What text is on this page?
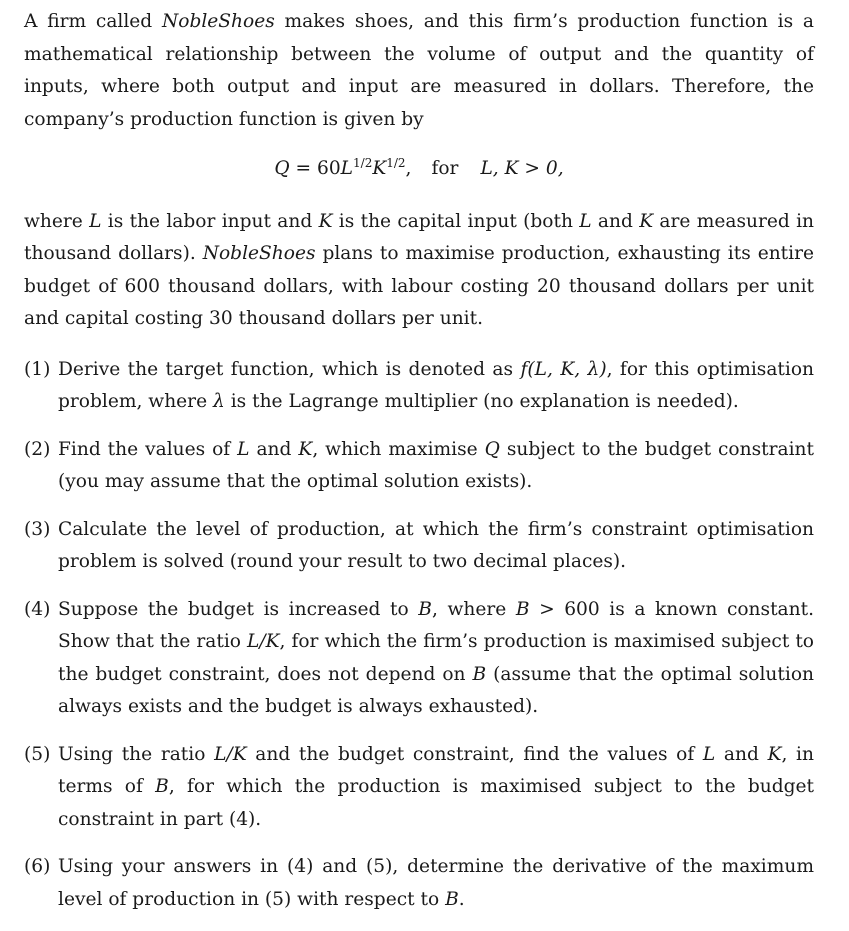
A firm called NobleShoes makes shoes, and this firm’s production function is a mathematical relationship between the volume of output and the quantity of inputs, where both output and input are measured in dollars. Therefore, the company’s production function is given by

$Q = 60L^{1/2}K^{1/2}$, for L, K > 0,

where L is the labor input and K is the capital input (both L and K are measured in thousand dollars). NobleShoes plans to maximise production, exhausting its entire budget of 600 thousand dollars, with labour costing 20 thousand dollars per unit and capital costing 30 thousand dollars per unit.

(1) Derive the target function, which is denoted as f(L, K, λ), for this optimisation problem, where λ is the Lagrange multiplier (no explanation is needed).
(2) Find the values of L and K, which maximise Q subject to the budget constraint (you may assume that the optimal solution exists).
(3) Calculate the level of production, at which the firm’s constraint optimisation problem is solved (round your result to two decimal places).
(4) Suppose the budget is increased to B, where B > 600 is a known constant. Show that the ratio L/K, for which the firm’s production is maximised subject to the budget constraint, does not depend on B (assume that the optimal solution always exists and the budget is always exhausted).
(5) Using the ratio L/K and the budget constraint, find the values of L and K, in terms of B, for which the production is maximised subject to the budget constraint in part (4).
(6) Using your answers in (4) and (5), determine the derivative of the maximum level of production in (5) with respect to B.
